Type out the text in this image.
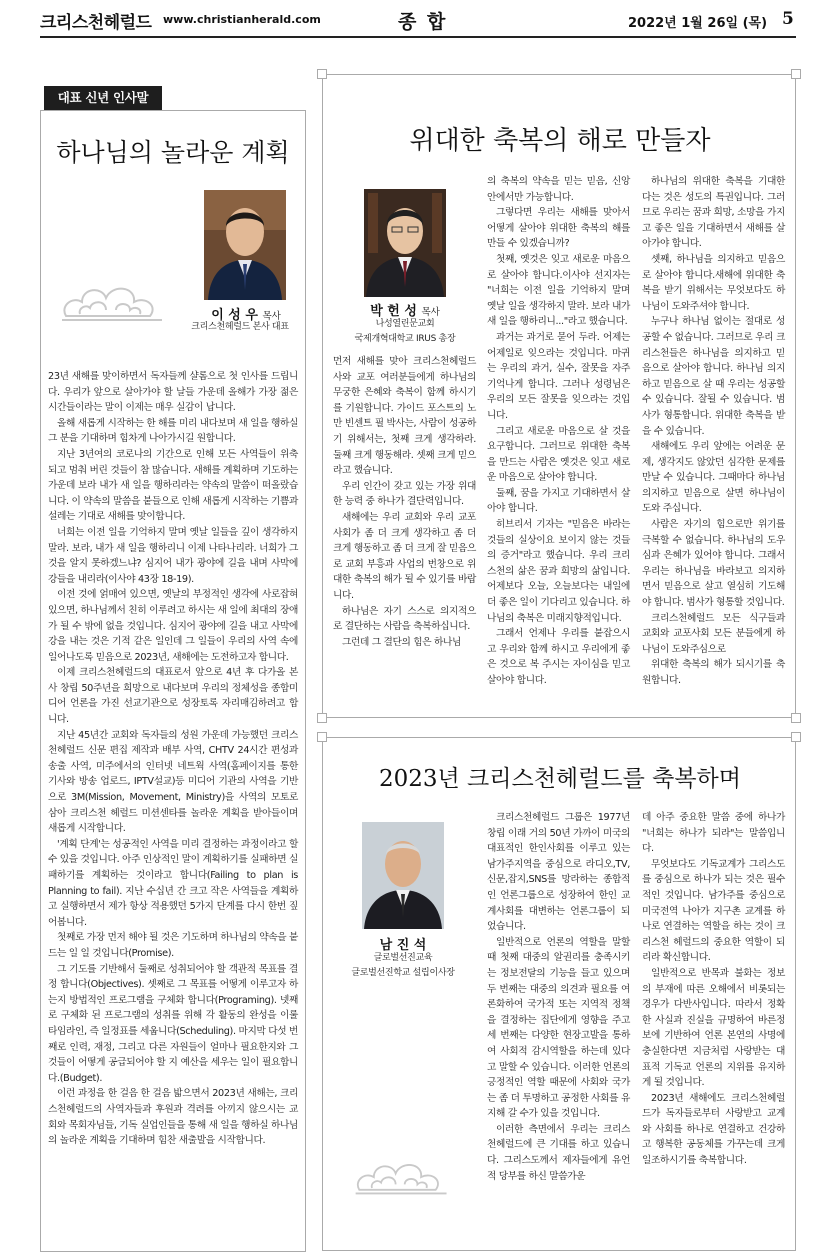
크리스천헤럴드 www.christianherald.com	종 합	2022년 1월 26일 (목) 5
대표 신년 인사말
하나님의 놀라운 계획
이 성 우 목사
크리스천헤럴드 본사 대표

23년 새해를 맞이하면서 독자들께 샬롬으로 첫 인사를 드립니다. 우리가 앞으로 살아가야 할 날들 가운데 올해가 가장 젊은 시간들이라는 말이 이제는 매우 실감이 납니다.

올해 새롭게 시작하는 한 해를 미리 내다보며 새 일을 행하실 그 분을 기대하며 힘차게 나아가시길 원합니다.

지난 3년여의 코로나의 기간으로 인해 모든 사역들이 위축되고 멈춰 버린 것들이 참 많습니다. 새해를 계획하며 기도하는 가운데 보라 내가 새 일을 행하리라는 약속의 말씀이 떠올랐습니다. 이 약속의 말씀을 붙들으로 인해 새롭게 시작하는 기쁨과 설레는 기대로 새해를 맞이합니다.

너희는 이전 일을 기억하지 말며 옛날 일들을 깊이 생각하지 말라. 보라, 내가 새 일을 행하리니 이제 나타나리라. 너희가 그것을 알지 못하겠느냐? 심지어 내가 광야에 길을 내며 사막에 강들을 내리라(이사야 43장 18-19).

이전 것에 얽매여 있으면, 옛날의 부정적인 생각에 사로잡혀 있으면, 하나님께서 친히 이루려고 하시는 새 일에 최대의 장애가 될 수 밖에 없을 것입니다. 심지어 광야에 길을 내고 사막에 강을 내는 것은 기적 같은 일인데 그 일들이 우리의 사역 속에 일어나도록 믿음으로 2023년, 새해에는 도전하고자 합니다.

이제 크리스천헤럴드의 대표로서 앞으로 4년 후 다가올 본사 창립 50주년을 희망으로 내다보며 우리의 정체성을 종합미디어 언론을 가진 선교기관으로 성장토록 자리매김하려고 합니다.

지난 45년간 교회와 독자들의 성원 가운데 가능했던 크리스천헤럴드 신문 편집 제작과 배부 사역, CHTV 24시간 편성과 송출 사역, 미주에서의 인터넷 네트웍 사역(홈페이지를 통한 기사와 방송 업로드, IPTV설교)등 미디어 기관의 사역을 기반으로 3M(Mission, Movement, Ministry)을 사역의 모토로 삼아 크리스천 헤럴드 미션센타를 놀라운 계획을 받아들이며 새롭게 시작합니다.

'계획 단계'는 성공적인 사역을 미리 결정하는 과정이라고 할 수 있을 것입니다. 아주 인상적인 말이 계획하기를 실패하면 실패하기를 계획하는 것이라고 합니다(Failing to plan is Planning to fail). 지난 수십년 간 크고 작은 사역들을 계획하고 실행하면서 제가 항상 적용했던 5가지 단계를 다시 한번 짚어봅니다.

첫째로 가장 먼저 해야 될 것은 기도하며 하나님의 약속을 붙드는 일 일 것입니다(Promise).

그 기도를 기반해서 둘째로 성취되어야 할 객관적 목표를 결정 합니다(Objectives). 셋째로 그 목표를 어떻게 이루고자 하는지 방법적인 프로그램을 구체화 합니다(Programing). 넷째로 구체화 된 프로그램의 성취를 위해 각 활동의 완성을 이룰 타임라인, 즉 일정표를 세웁니다(Scheduling). 마지막 다섯 번째로 인력, 재정, 그리고 다른 자원들이 얼마나 필요한지와 그것들이 어떻게 공급되어야 할 지 예산을 세우는 일이 필요합니다.(Budget).

이런 과정을 한 걸음 한 걸음 밟으면서 2023년 새해는, 크리스천헤럴드의 사역자들과 후원과 격려를 아끼지 않으시는 교회와 목회자님들, 기독 실업인들을 통해 새 일을 행하실 하나님의 놀라운 계획을 기대하며 힘찬 새출발을 시작합니다.

위대한 축복의 해로 만들자
박 헌 성 목사
나성열린문교회
국제개혁대학교 IRUS 총장

먼저 새해를 맞아 크리스천헤럴드사와 교포 여러분들에게 하나님의 무궁한 은혜와 축복이 함께 하시기를 기원합니다. 가이드 포스트의 노만 빈센트 필 박사는, 사람이 성공하기 위해서는, 첫째 크게 생각하라. 둘째 크게 행동해라. 셋째 크게 믿으라고 했습니다.

우리 인간이 갖고 있는 가장 위대한 능력 중 하나가 결단력입니다.

새해에는 우리 교회와 우리 교포사회가 좀 더 크게 생각하고 좀 더 크게 행동하고 좀 더 크게 잘 믿음으로 교회 부흥과 사업의 번창으로 위대한 축복의 해가 될 수 있기를 바랍니다.

하나님은 자기 스스로 의지적으로 결단하는 사람을 축복하십니다.

그런데 그 결단의 힘은 하나님

의 축복의 약속을 믿는 믿음, 신앙 안에서만 가능합니다.

그렇다면 우리는 새해를 맞아서 어떻게 살아야 위대한 축복의 해를 만들 수 있겠습니까?

첫째, 옛것은 잊고 새로운 마음으로 살아야 합니다.이사야 선지자는 "너희는 이전 일을 기억하지 말며 옛날 일을 생각하지 말라. 보라 내가 새 일을 행하리니..."라고 했습니다.

과거는 과거로 묻어 두라. 어제는 어제일로 잊으라는 것입니다. 마귀는 우리의 과거, 실수, 잘못을 자주 기억나게 합니다. 그러나 성령님은 우리의 모든 잘못을 잊으라는 것입니다.

그리고 새로운 마음으로 살 것을 요구합니다. 그러므로 위대한 축복을 만드는 사람은 옛것은 잊고 새로운 마음으로 살아야 합니다.

둘째, 꿈을 가지고 기대하면서 살아야 합니다.

히브리서 기자는 "믿음은 바라는 것들의 실상이요 보이지 않는 것들의 증거"라고 했습니다. 우리 크리스천의 삶은 꿈과 희망의 삶입니다. 어제보다 오늘, 오늘보다는 내일에 더 좋은 일이 기다리고 있습니다. 하나님의 축복은 미래지향적입니다.

그래서 언제나 우리를 붙잡으시고 우리와 함께 하시고 우리에게 좋은 것으로 복 주시는 자이심을 믿고 살아야 합니다.

하나님의 위대한 축복을 기대한다는 것은 성도의 특권입니다. 그러므로 우리는 꿈과 희망, 소망을 가지고 좋은 일을 기대하면서 새해를 살아가야 합니다.

셋째, 하나님을 의지하고 믿음으로 살아야 합니다.새해에 위대한 축복을 받기 위해서는 무엇보다도 하나님이 도와주셔야 합니다.

누구나 하나님 없이는 절대로 성공할 수 없습니다. 그러므로 우리 크리스천들은 하나님을 의지하고 믿음으로 살아야 합니다. 하나님 의지하고 믿음으로 살 때 우리는 성공할 수 있습니다. 잘될 수 있습니다. 범사가 형통합니다. 위대한 축복을 받을 수 있습니다.

새해에도 우리 앞에는 어려운 문제, 생각지도 않았던 심각한 문제를 만날 수 있습니다. 그때마다 하나님 의지하고 믿음으로 살면 하나님이 도와 주십니다.

사람은 자기의 힘으로만 위기를 극복할 수 없습니다. 하나님의 도우심과 은혜가 있어야 합니다. 그래서 우리는 하나님을 바라보고 의지하면서 믿음으로 살고 열심히 기도해야 합니다. 범사가 형통할 것입니다.

크리스천헤럴드 모든 식구들과 교회와 교포사회 모든 분들에게 하나님이 도와주심으로

위대한 축복의 해가 되시기를 축원합니다.

2023년 크리스천헤럴드를 축복하며
남 진 석
글로벌선진교육
글로벌선진학교 설립이사장

크리스천헤럴드 그룹은 1977년 창립 이래 거의 50년 가까이 미국의 대표적인 한인사회를 이루고 있는 남가주지역을 중심으로 라디오,TV,신문,잡지,SNS를 망라하는 종합적인 언론그룹으로 성장하여 한인 교계사회를 대변하는 언론그룹이 되었습니다.

일반적으로 언론의 역할을 말할 때 첫째 대중의 알권리를 충족시키는 정보전달의 기능을 들고 있으며 두 번째는 대중의 의견과 필요를 여론화하여 국가적 또는 지역적 정책을 결정하는 집단에게 영향을 주고 세 번째는 다양한 현장고발을 통하여 사회적 감시역할을 하는데 있다고 말할 수 있습니다. 이러한 언론의 긍정적인 역할 때문에 사회와 국가는 좀 더 투명하고 공정한 사회를 유지해 갈 수가 있을 것입니다.

이러한 측면에서 우리는 크리스천헤럴드에 큰 기대를 하고 있습니다. 그리스도께서 제자들에게 유언적 당부를 하신 말씀가운

데 아주 중요한 말씀 중에 하나가 "너희는 하나가 되라"는 말씀입니다.

무엇보다도 기독교계가 그리스도를 중심으로 하나가 되는 것은 필수적인 것입니다. 남가주를 중심으로 미국전역 나아가 지구촌 교계를 하나로 연결하는 역할을 하는 것이 크리스천 헤럴드의 중요한 역할이 되리라 확신합니다.

일반적으로 반목과 불화는 정보의 부재에 따른 오해에서 비롯되는 경우가 다반사입니다. 따라서 정확한 사실과 진실을 규명하여 바른정보에 기반하여 언론 본연의 사명에 충실한다면 지금처럼 사랑받는 대표적 기독교 언론의 지위를 유지하게 될 것입니다.

2023년 새해에도 크리스천헤럴드가 독자들로부터 사랑받고 교계와 사회를 하나로 연결하고 건강하고 행복한 공동체를 가꾸는데 크게 일조하시기를 축복합니다.
